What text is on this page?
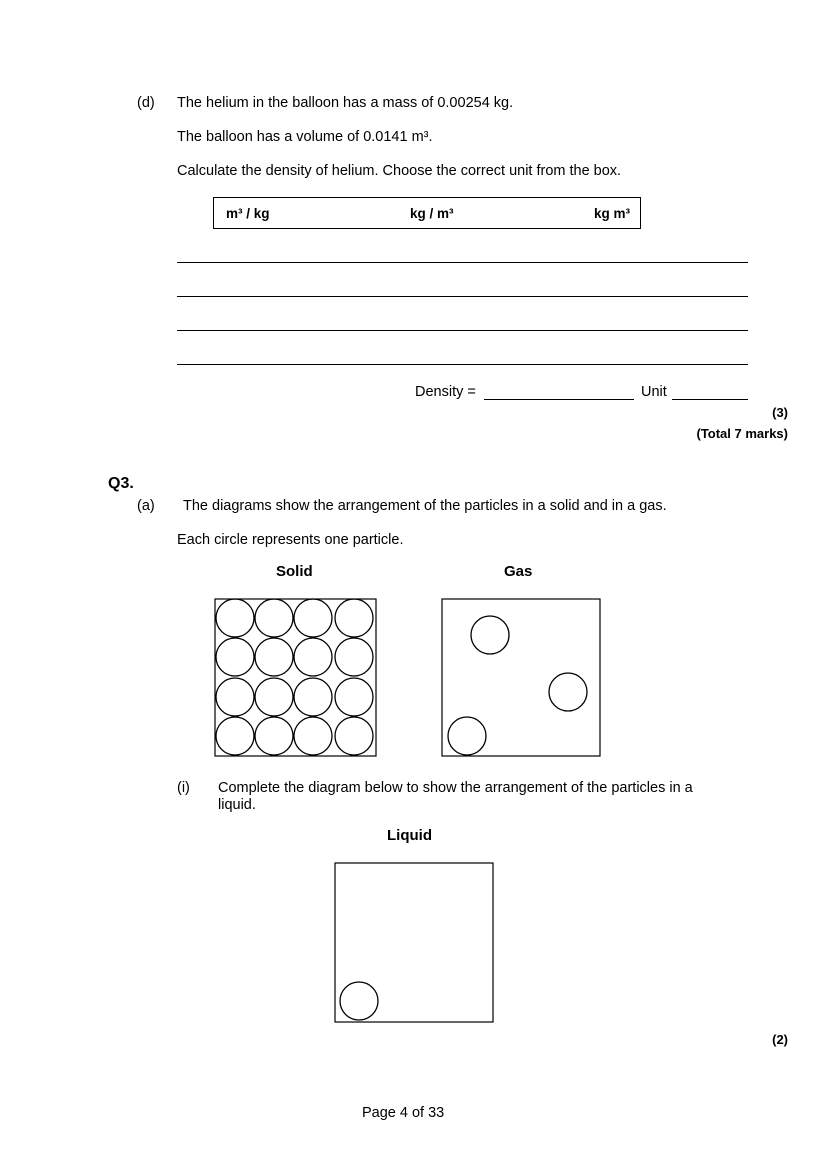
(d) The helium in the balloon has a mass of 0.00254 kg.
The balloon has a volume of 0.0141 m³.
Calculate the density of helium. Choose the correct unit from the box.
m³ / kg	kg / m³	kg m³
Density =	Unit
(3)
(Total 7 marks)
Q3.
(a) The diagrams show the arrangement of the particles in a solid and in a gas.
Each circle represents one particle.
Solid	Gas
(i) Complete the diagram below to show the arrangement of the particles in a
liquid.
Liquid
(2)
Page 4 of 33
